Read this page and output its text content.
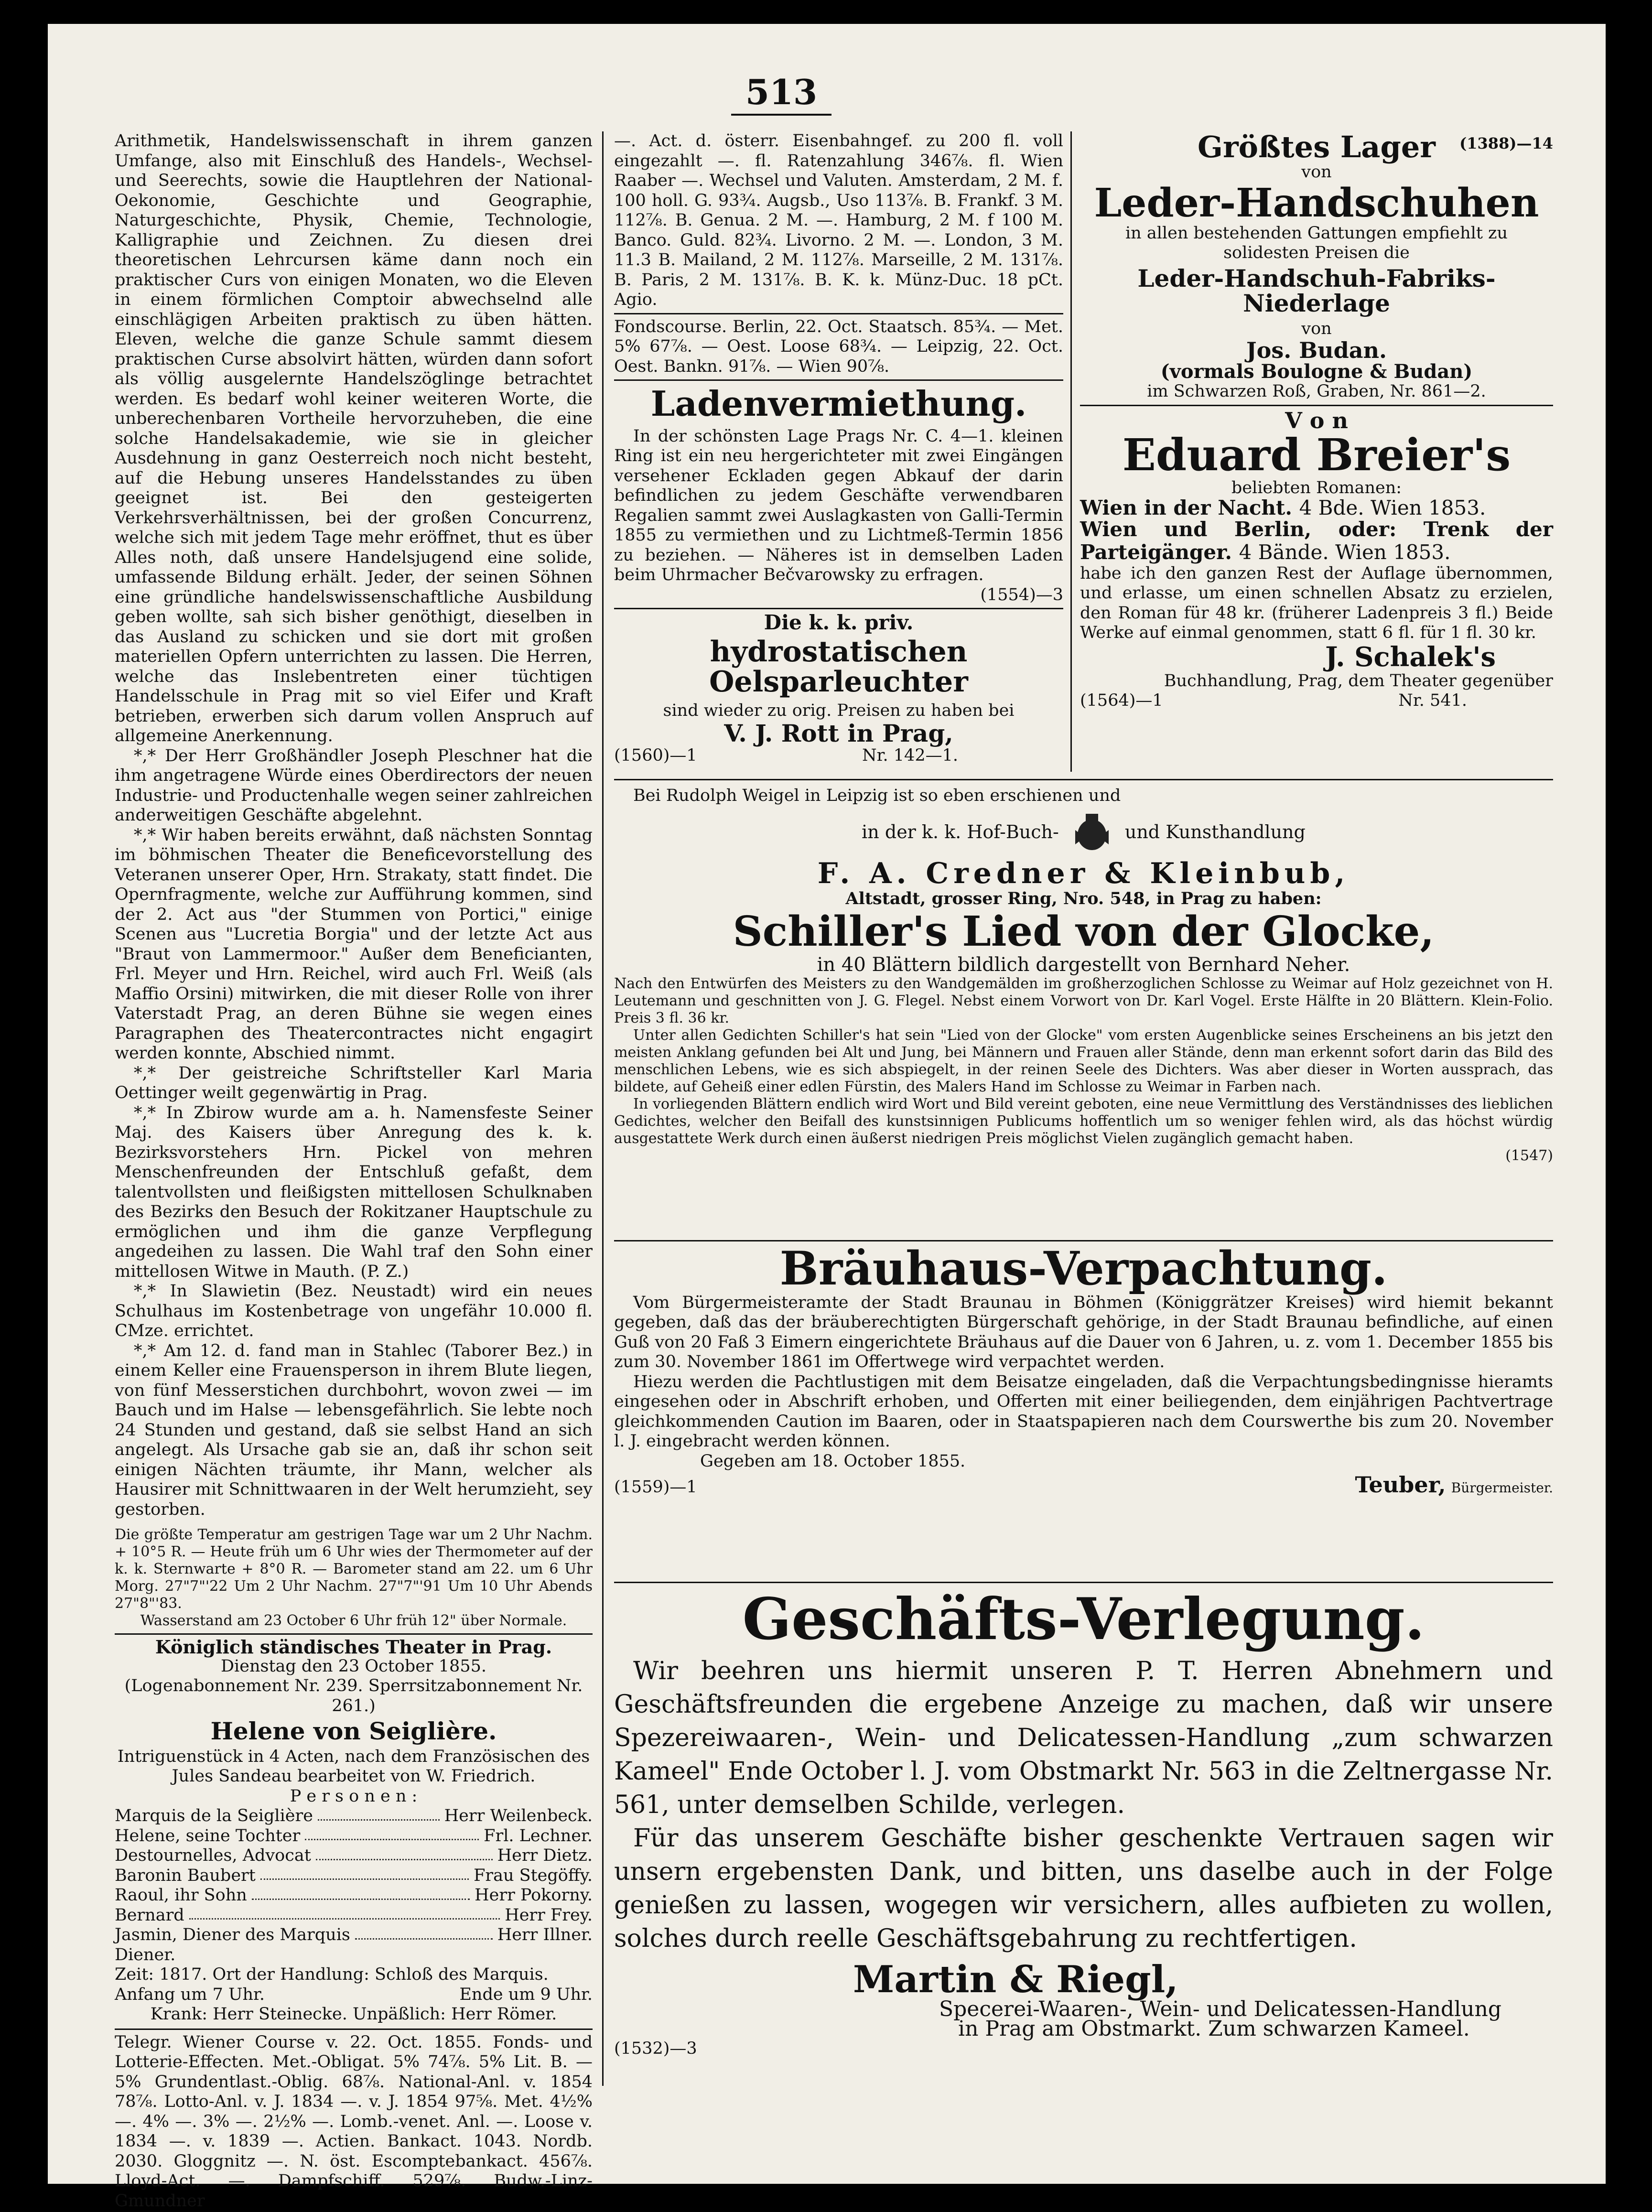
513

Arithmetik, Handelswissenschaft in ihrem ganzen Umfange, also mit Einschluß des Handels-, Wechsel- und Seerechts, sowie die Hauptlehren der National-Oekonomie, Geschichte und Geographie, Naturgeschichte, Physik, Chemie, Technologie, Kalligraphie und Zeichnen. Zu diesen drei theoretischen Lehrcursen käme dann noch ein praktischer Curs von einigen Monaten, wo die Eleven in einem förmlichen Comptoir abwechselnd alle einschlägigen Arbeiten praktisch zu üben hätten. Eleven, welche die ganze Schule sammt diesem praktischen Curse absolvirt hätten, würden dann sofort als völlig ausgelernte Handelszöglinge betrachtet werden. Es bedarf wohl keiner weiteren Worte, die unberechenbaren Vortheile hervorzuheben, die eine solche Handelsakademie, wie sie in gleicher Ausdehnung in ganz Oesterreich noch nicht besteht, auf die Hebung unseres Handelsstandes zu üben geeignet ist. Bei den gesteigerten Verkehrsverhältnissen, bei der großen Concurrenz, welche sich mit jedem Tage mehr eröffnet, thut es über Alles noth, daß unsere Handelsjugend eine solide, umfassende Bildung erhält. Jeder, der seinen Söhnen eine gründliche handelswissenschaftliche Ausbildung geben wollte, sah sich bisher genöthigt, dieselben in das Ausland zu schicken und sie dort mit großen materiellen Opfern unterrichten zu lassen. Die Herren, welche das Inslebentreten einer tüchtigen Handelsschule in Prag mit so viel Eifer und Kraft betrieben, erwerben sich darum vollen Anspruch auf allgemeine Anerkennung.

*,* Der Herr Großhändler Joseph Pleschner hat die ihm angetragene Würde eines Oberdirectors der neuen Industrie- und Productenhalle wegen seiner zahlreichen anderweitigen Geschäfte abgelehnt.

*,* Wir haben bereits erwähnt, daß nächsten Sonntag im böhmischen Theater die Beneficevorstellung des Veteranen unserer Oper, Hrn. Strakaty, statt findet. Die Opernfragmente, welche zur Aufführung kommen, sind der 2. Act aus "der Stummen von Portici," einige Scenen aus "Lucretia Borgia" und der letzte Act aus "Braut von Lammermoor." Außer dem Beneficianten, Frl. Meyer und Hrn. Reichel, wird auch Frl. Weiß (als Maffio Orsini) mitwirken, die mit dieser Rolle von ihrer Vaterstadt Prag, an deren Bühne sie wegen eines Paragraphen des Theatercontractes nicht engagirt werden konnte, Abschied nimmt.

*,* Der geistreiche Schriftsteller Karl Maria Oettinger weilt gegenwärtig in Prag.

*,* In Zbirow wurde am a. h. Namensfeste Seiner Maj. des Kaisers über Anregung des k. k. Bezirksvorstehers Hrn. Pickel von mehren Menschenfreunden der Entschluß gefaßt, dem talentvollsten und fleißigsten mittellosen Schulknaben des Bezirks den Besuch der Rokitzaner Hauptschule zu ermöglichen und ihm die ganze Verpflegung angedeihen zu lassen. Die Wahl traf den Sohn einer mittellosen Witwe in Mauth. (P. Z.)

*,* In Slawietin (Bez. Neustadt) wird ein neues Schulhaus im Kostenbetrage von ungefähr 10.000 fl. CMze. errichtet.

*,* Am 12. d. fand man in Stahlec (Taborer Bez.) in einem Keller eine Frauensperson in ihrem Blute liegen, von fünf Messerstichen durchbohrt, wovon zwei — im Bauch und im Halse — lebensgefährlich. Sie lebte noch 24 Stunden und gestand, daß sie selbst Hand an sich angelegt. Als Ursache gab sie an, daß ihr schon seit einigen Nächten träumte, ihr Mann, welcher als Hausirer mit Schnittwaaren in der Welt herumzieht, sey gestorben.

Die größte Temperatur am gestrigen Tage war um 2 Uhr Nachm. + 10°5 R. — Heute früh um 6 Uhr wies der Thermometer auf der k. k. Sternwarte + 8°0 R. — Barometer stand am 22. um 6 Uhr Morg. 27"7"'22 Um 2 Uhr Nachm. 27"7"'91 Um 10 Uhr Abends 27"8"'83.

Wasserstand am 23 October 6 Uhr früh 12" über Normale.

Königlich ständisches Theater in Prag.

Dienstag den 23 October 1855.

(Logenabonnement Nr. 239. Sperrsitzabonnement Nr. 261.)

Helene von Seiglière.

Intriguenstück in 4 Acten, nach dem Französischen des Jules Sandeau bearbeitet von W. Friedrich.

P e r s o n e n :

Marquis de la Seiglière	Herr Weilenbeck.
Helene, seine Tochter	Frl. Lechner.
Destournelles, Advocat	Herr Dietz.
Baronin Baubert	Frau Stegöffy.
Raoul, ihr Sohn	Herr Pokorny.
Bernard	Herr Frey.
Jasmin, Diener des Marquis	Herr Illner.
Diener.

Zeit: 1817. Ort der Handlung: Schloß des Marquis.

Anfang um 7 Uhr.	Ende um 9 Uhr.

Krank: Herr Steinecke. Unpäßlich: Herr Römer.

Telegr. Wiener Course v. 22. Oct. 1855. Fonds- und Lotterie-Effecten. Met.-Obligat. 5% 74⅞. 5% Lit. B. — 5% Grundentlast.-Oblig. 68⅞. National-Anl. v. 1854 78⅞. Lotto-Anl. v. J. 1834 —. v. J. 1854 97⅝. Met. 4½% —. 4% —. 3% —. 2½% —. Lomb.-venet. Anl. —. Loose v. 1834 —. v. 1839 —. Actien. Bankact. 1043. Nordb. 2030. Gloggnitz —. N. öst. Escomptebankact. 456⅞. Lloyd-Act. —. Dampfschiff. 529⅞. Budw.-Linz-Gmundner

—. Act. d. österr. Eisenbahngef. zu 200 fl. voll eingezahlt —. fl. Ratenzahlung 346⅞. fl. Wien Raaber —. Wechsel und Valuten. Amsterdam, 2 M. f. 100 holl. G. 93¾. Augsb., Uso 113⅞. B. Frankf. 3 M. 112⅞. B. Genua. 2 M. —. Hamburg, 2 M. f 100 M. Banco. Guld. 82¾. Livorno. 2 M. —. London, 3 M. 11.3 B. Mailand, 2 M. 112⅞. Marseille, 2 M. 131⅞. B. Paris, 2 M. 131⅞. B. K. k. Münz-Duc. 18 pCt. Agio.

Fondscourse. Berlin, 22. Oct. Staatsch. 85¾. — Met. 5% 67⅞. — Oest. Loose 68¾. — Leipzig, 22. Oct. Oest. Bankn. 91⅞. — Wien 90⅞.

Ladenvermiethung.

In der schönsten Lage Prags Nr. C. 4—1. kleinen Ring ist ein neu hergerichteter mit zwei Eingängen versehener Eckladen gegen Abkauf der darin befindlichen zu jedem Geschäfte verwendbaren Regalien sammt zwei Auslagkasten von Galli-Termin 1855 zu vermiethen und zu Lichtmeß-Termin 1856 zu beziehen. — Näheres ist in demselben Laden beim Uhrmacher Bečvarowsky zu erfragen.

(1554)—3

Die k. k. priv.

hydrostatischen Oelsparleuchter

sind wieder zu orig. Preisen zu haben bei

V. J. Rott in Prag,

(1560)—1	Nr. 142—1.

Größtes Lager	(1388)—14

von

Leder-Handschuhen

in allen bestehenden Gattungen empfiehlt zu solidesten Preisen die

Leder-Handschuh-Fabriks-Niederlage

von

Jos. Budan.

(vormals Boulogne & Budan)

im Schwarzen Roß, Graben, Nr. 861—2.

V o n

Eduard Breier's

beliebten Romanen:

Wien in der Nacht. 4 Bde. Wien 1853.

Wien und Berlin, oder: Trenk der Parteigänger. 4 Bände. Wien 1853.

habe ich den ganzen Rest der Auflage übernommen, und erlasse, um einen schnellen Absatz zu erzielen, den Roman für 48 kr. (früherer Ladenpreis 3 fl.) Beide Werke auf einmal genommen, statt 6 fl. für 1 fl. 30 kr.

J. Schalek's

Buchhandlung, Prag, dem Theater gegenüber

(1564)—1	Nr. 541.

Bei Rudolph Weigel in Leipzig ist so eben erschienen und

in der k. k. Hof-Buch-	und Kunsthandlung

F. A. Credner & Kleinbub,

Altstadt, grosser Ring, Nro. 548, in Prag zu haben:

Schiller's Lied von der Glocke,

in 40 Blättern bildlich dargestellt von Bernhard Neher.

Nach den Entwürfen des Meisters zu den Wandgemälden im großherzoglichen Schlosse zu Weimar auf Holz gezeichnet von H. Leutemann und geschnitten von J. G. Flegel. Nebst einem Vorwort von Dr. Karl Vogel. Erste Hälfte in 20 Blättern. Klein-Folio. Preis 3 fl. 36 kr.

Unter allen Gedichten Schiller's hat sein "Lied von der Glocke" vom ersten Augenblicke seines Erscheinens an bis jetzt den meisten Anklang gefunden bei Alt und Jung, bei Männern und Frauen aller Stände, denn man erkennt sofort darin das Bild des menschlichen Lebens, wie es sich abspiegelt, in der reinen Seele des Dichters. Was aber dieser in Worten aussprach, das bildete, auf Geheiß einer edlen Fürstin, des Malers Hand im Schlosse zu Weimar in Farben nach.

In vorliegenden Blättern endlich wird Wort und Bild vereint geboten, eine neue Vermittlung des Verständnisses des lieblichen Gedichtes, welcher den Beifall des kunstsinnigen Publicums hoffentlich um so weniger fehlen wird, als das höchst würdig ausgestattete Werk durch einen äußerst niedrigen Preis möglichst Vielen zugänglich gemacht haben.

(1547)

Bräuhaus-Verpachtung.

Vom Bürgermeisteramte der Stadt Braunau in Böhmen (Königgrätzer Kreises) wird hiemit bekannt gegeben, daß das der bräuberechtigten Bürgerschaft gehörige, in der Stadt Braunau befindliche, auf einen Guß von 20 Faß 3 Eimern eingerichtete Bräuhaus auf die Dauer von 6 Jahren, u. z. vom 1. December 1855 bis zum 30. November 1861 im Offertwege wird verpachtet werden.

Hiezu werden die Pachtlustigen mit dem Beisatze eingeladen, daß die Verpachtungsbedingnisse hieramts eingesehen oder in Abschrift erhoben, und Offerten mit einer beiliegenden, dem einjährigen Pachtvertrage gleichkommenden Caution im Baaren, oder in Staatspapieren nach dem Courswerthe bis zum 20. November l. J. eingebracht werden können.

Gegeben am 18. October 1855.

(1559)—1	Teuber, Bürgermeister.

Geschäfts-Verlegung.

Wir beehren uns hiermit unseren P. T. Herren Abnehmern und Geschäftsfreunden die ergebene Anzeige zu machen, daß wir unsere Spezereiwaaren-, Wein- und Delicatessen-Handlung „zum schwarzen Kameel" Ende October l. J. vom Obstmarkt Nr. 563 in die Zeltnergasse Nr. 561, unter demselben Schilde, verlegen.

Für das unserem Geschäfte bisher geschenkte Vertrauen sagen wir unsern ergebensten Dank, und bitten, uns daselbe auch in der Folge genießen zu lassen, wogegen wir versichern, alles aufbieten zu wollen, solches durch reelle Geschäftsgebahrung zu rechtfertigen.

Martin & Riegl,

Specerei-Waaren-, Wein- und Delicatessen-Handlung

in Prag am Obstmarkt. Zum schwarzen Kameel.

(1532)—3
